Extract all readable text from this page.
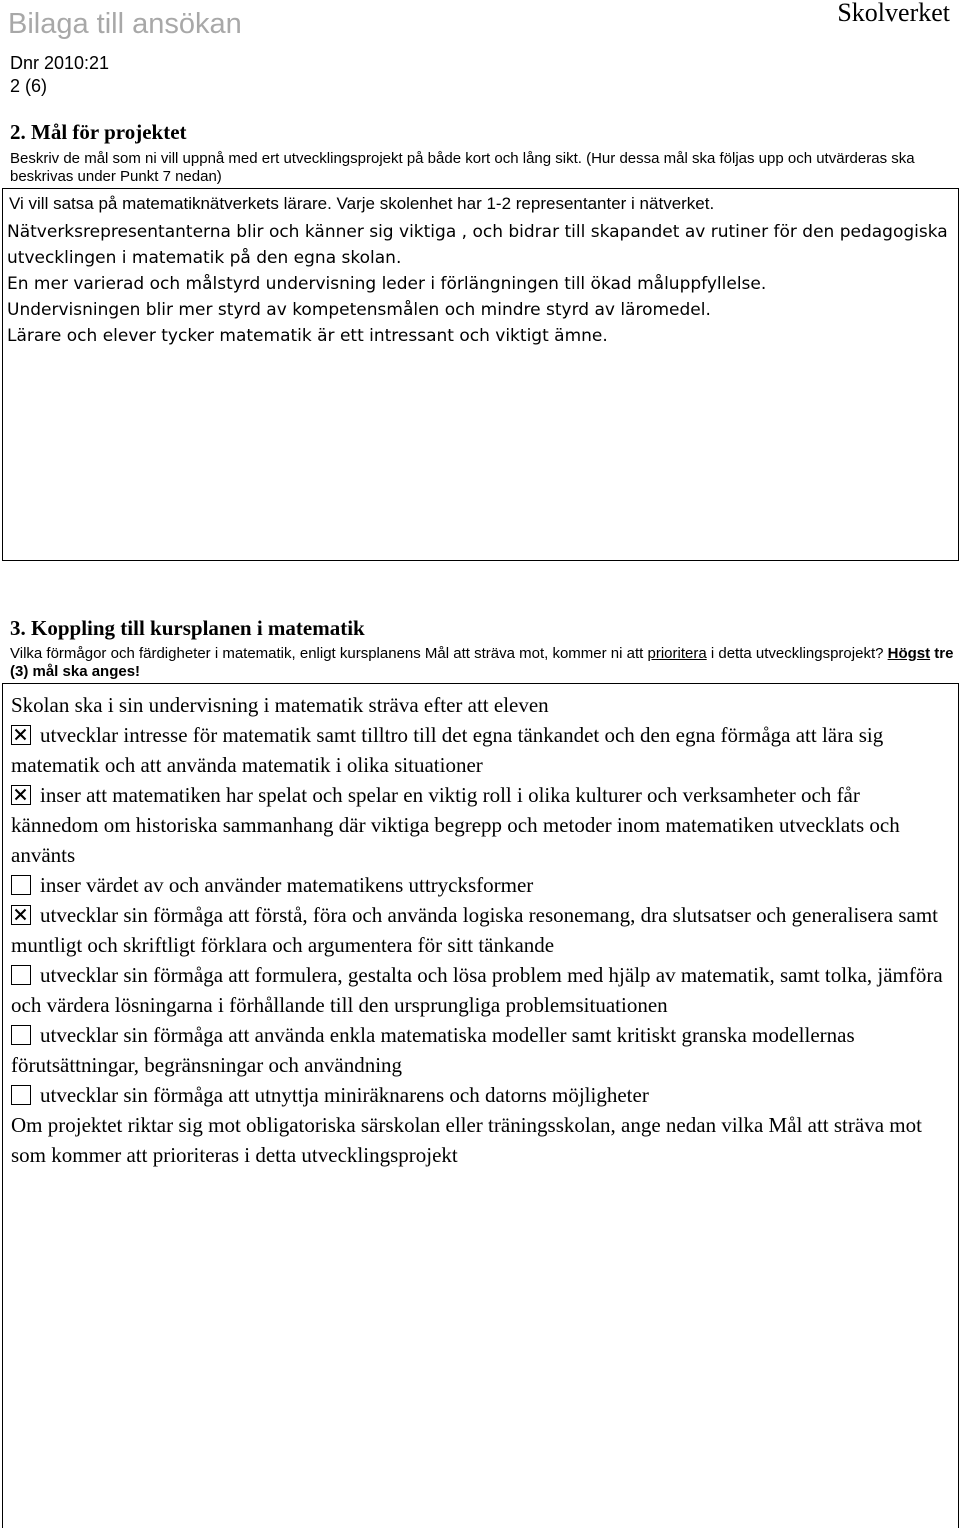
Bilaga till ansökan	Skolverket
Dnr 2010:21
2 (6)
2. Mål för projektet
Beskriv de mål som ni vill uppnå med ert utvecklingsprojekt på både kort och lång sikt. (Hur dessa mål ska följas upp och utvärderas ska beskrivas under Punkt 7 nedan)
Vi vill satsa på matematiknätverkets lärare. Varje skolenhet har 1-2 representanter i nätverket.
Nätverksrepresentanterna blir och känner sig viktiga , och bidrar till skapandet av rutiner för den pedagogiska utvecklingen i matematik på den egna skolan.
En mer varierad och målstyrd undervisning leder i förlängningen till ökad måluppfyllelse.
Undervisningen blir mer styrd av kompetensmålen och mindre styrd av läromedel.
Lärare och elever tycker matematik är ett intressant och viktigt ämne.
3. Koppling till kursplanen i matematik
Vilka förmågor och färdigheter i matematik, enligt kursplanens Mål att sträva mot, kommer ni att prioritera i detta utvecklingsprojekt? Högst tre (3) mål ska anges!

Skolan ska i sin undervisning i matematik sträva efter att eleven

utvecklar intresse för matematik samt tilltro till det egna tänkandet och den egna förmåga att lära sig matematik och att använda matematik i olika situationer

inser att matematiken har spelat och spelar en viktig roll i olika kulturer och verksamheter och får kännedom om historiska sammanhang där viktiga begrepp och metoder inom matematiken utvecklats och använts

inser värdet av och använder matematikens uttrycksformer

utvecklar sin förmåga att förstå, föra och använda logiska resonemang, dra slutsatser och generalisera samt muntligt och skriftligt förklara och argumentera för sitt tänkande

utvecklar sin förmåga att formulera, gestalta och lösa problem med hjälp av matematik, samt tolka, jämföra och värdera lösningarna i förhållande till den ursprungliga problemsituationen

utvecklar sin förmåga att använda enkla matematiska modeller samt kritiskt granska modellernas förutsättningar, begränsningar och användning

utvecklar sin förmåga att utnyttja miniräknarens och datorns möjligheter

Om projektet riktar sig mot obligatoriska särskolan eller träningsskolan, ange nedan vilka Mål att sträva mot som kommer att prioriteras i detta utvecklingsprojekt
